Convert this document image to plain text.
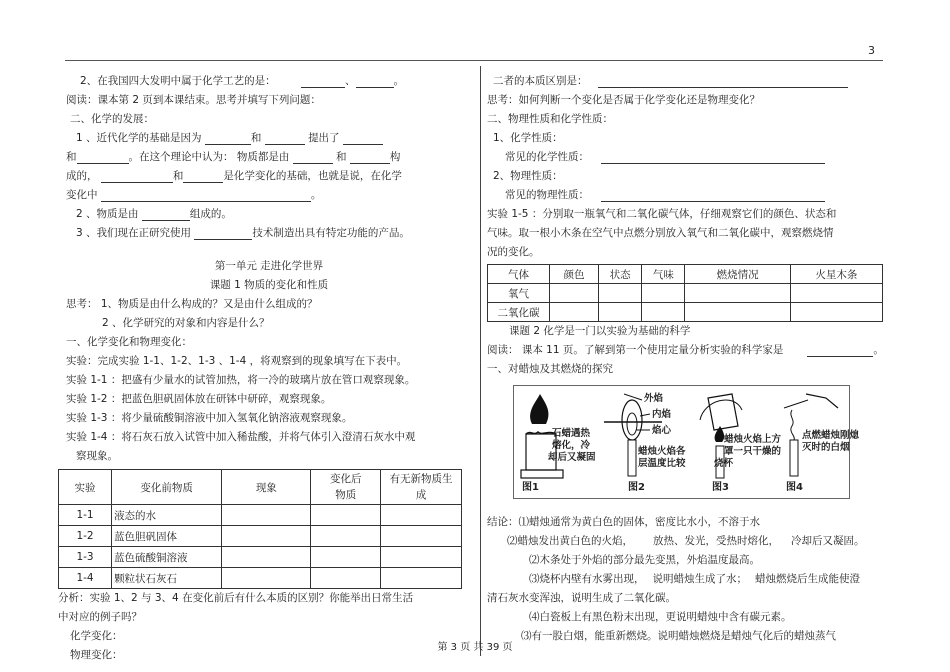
3
2、在我国四大发明中属于化学工艺的是：	、	。
阅读：课本第 2 页到本课结束。思考并填写下列问题：
二、化学的发展：
1 、近代化学的基础是因为	和	提出了
和	。在这个理论中认为： 物质都是由	和	构
成的，	和	是化学变化的基础，也就是说，在化学
变化中	。
2 、物质是由	组成的。
3 、我们现在正研究使用	技术制造出具有特定功能的产品。
第一单元 走进化学世界
课题 1 物质的变化和性质
思考： 1、物质是由什么构成的？又是由什么组成的？
2 、化学研究的对象和内容是什么？
一、化学变化和物理变化：
实验：完成实验 1-1、1-2、1-3 、1-4 ，将观察到的现象填写在下表中。
实验 1-1 ：把盛有少量水的试管加热，将一冷的玻璃片放在管口观察现象。
实验 1-2 ：把蓝色胆矾固体放在研钵中研碎，观察现象。
实验 1-3 ：将少量硫酸铜溶液中加入氢氧化钠溶液观察现象。
实验 1-4 ：将石灰石放入试管中加入稀盐酸，并将气体引入澄清石灰水中观
察现象。
实验	变化前物质	现象	变化后物质	有无新物质生成

1-1	液态的水			
1-2	蓝色胆矾固体			
1-3	蓝色硫酸铜溶液			
1-4	颗粒状石灰石			
分析：实验 1、2 与 3、4 在变化前后有什么本质的区别？你能举出日常生活
中对应的例子吗？
化学变化：
物理变化：
二者的本质区别是：
思考：如何判断一个变化是否属于化学变化还是物理变化？
二、物理性质和化学性质：
1、化学性质：
常见的化学性质：
2、物理性质：
常见的物理性质：
实验 1-5 ：分别取一瓶氧气和二氧化碳气体，仔细观察它们的颜色、状态和
气味。取一根小木条在空气中点燃分别放入氧气和二氧化碳中，观察燃烧情
况的变化。
气体	颜色	状态	气味	燃烧情况	火星木条
氧气					
二氧化碳					
课题 2 化学是一门以实验为基础的科学
阅读： 课本 11 页。了解到第一个使用定量分析实验的科学家是	。
一、对蜡烛及其燃烧的探究
石蜡遇热
熔化，冷
却后又凝固
图1
外焰
内焰
焰心
蜡烛火焰各
层温度比较
图2
蜡烛火焰上方
罩一只干燥的
烧杯
图3
点燃蜡烛刚熄
灭时的白烟
图4
结论：⑴蜡烛通常为黄白色的固体，密度比水小，不溶于水
⑵蜡烛发出黄白色的火焰， 放热、发光，受热时熔化， 冷却后又凝固。
⑵木条处于外焰的部分最先变黑，外焰温度最高。
⑶烧杯内壁有水雾出现， 说明蜡烛生成了水； 蜡烛燃烧后生成能使澄
清石灰水变浑浊，说明生成了二氧化碳。
⑷白瓷板上有黑色粉末出现，更说明蜡烛中含有碳元素。
⑶有一股白烟，能重新燃烧。说明蜡烛燃烧是蜡烛气化后的蜡烛蒸气
第 3 页 共 39 页
